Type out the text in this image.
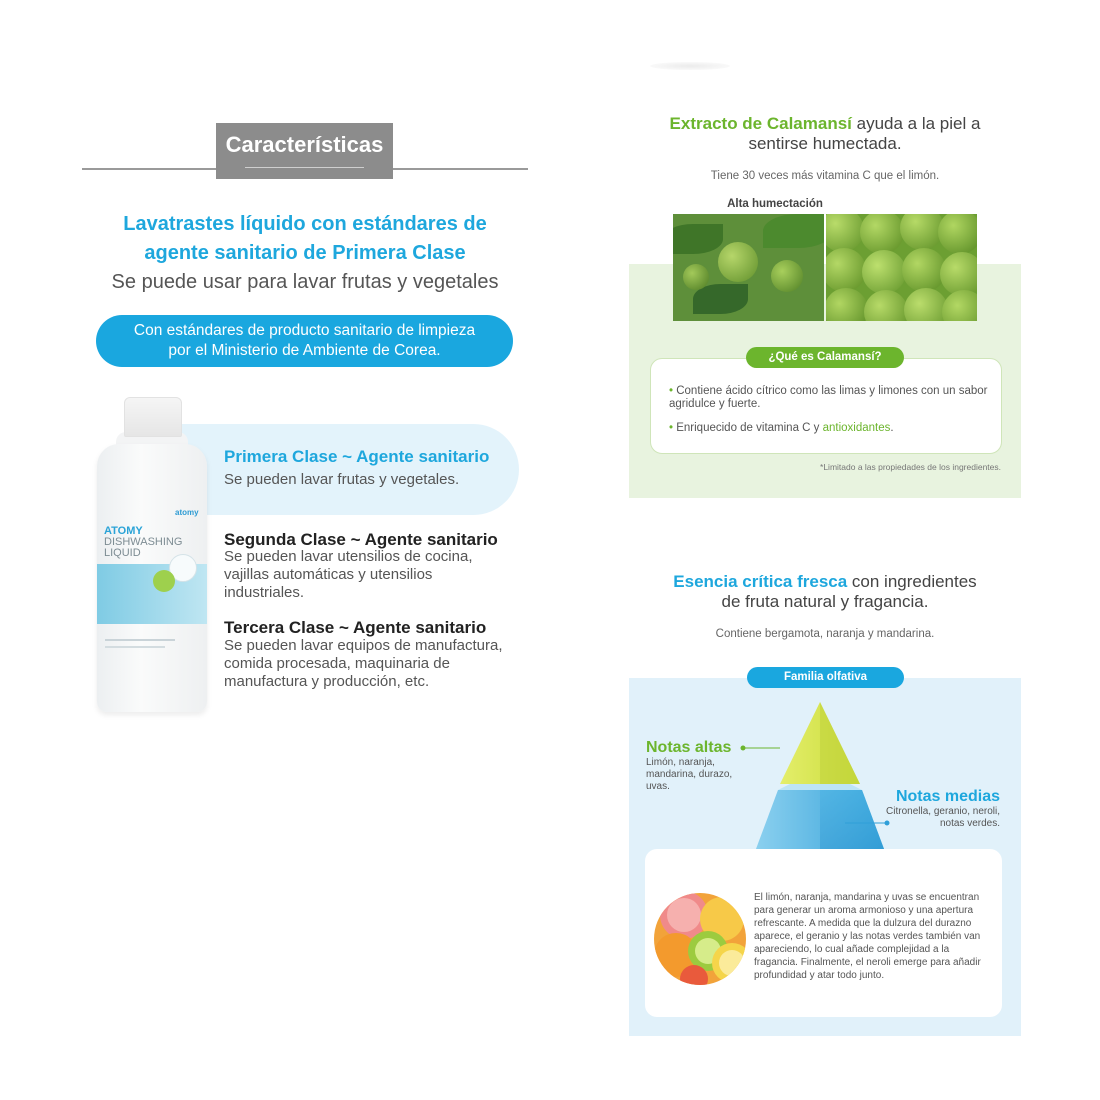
Características
Lavatrastes líquido con estándares de
agente sanitario de Primera Clase
Se puede usar para lavar frutas y vegetales
Con estándares de producto sanitario de limpieza
por el Ministerio de Ambiente de Corea.
atomy
ATOMY
DISHWASHING
LIQUID
Primera Clase ~ Agente sanitario
Se pueden lavar frutas y vegetales.
Segunda Clase ~ Agente sanitario
Se pueden lavar utensilios de cocina, vajillas automáticas y utensilios industriales.
Tercera Clase ~ Agente sanitario
Se pueden lavar equipos de manufactura, comida procesada, maquinaria de manufactura y producción, etc.
Extracto de Calamansí ayuda a la piel a
sentirse humectada.
Tiene 30 veces más vitamina C que el limón.
Alta humectación
¿Qué es Calamansí?
• Contiene ácido cítrico como las limas y limones con un sabor agridulce y fuerte.
• Enriquecido de vitamina C y antioxidantes.
*Limitado a las propiedades de los ingredientes.
Esencia crítica fresca con ingredientes
de fruta natural y fragancia.
Contiene bergamota, naranja y mandarina.
Familia olfativa
Notas altas
Limón, naranja, mandarina, durazo, uvas.
Notas medias
Citronella, geranio, neroli, notas verdes.
El limón, naranja, mandarina y uvas se encuentran para generar un aroma armonioso y una apertura refrescante. A medida que la dulzura del durazno aparece, el geranio y las notas verdes también van apareciendo, lo cual añade complejidad a la fragancia. Finalmente, el neroli emerge para añadir profundidad y atar todo junto.
